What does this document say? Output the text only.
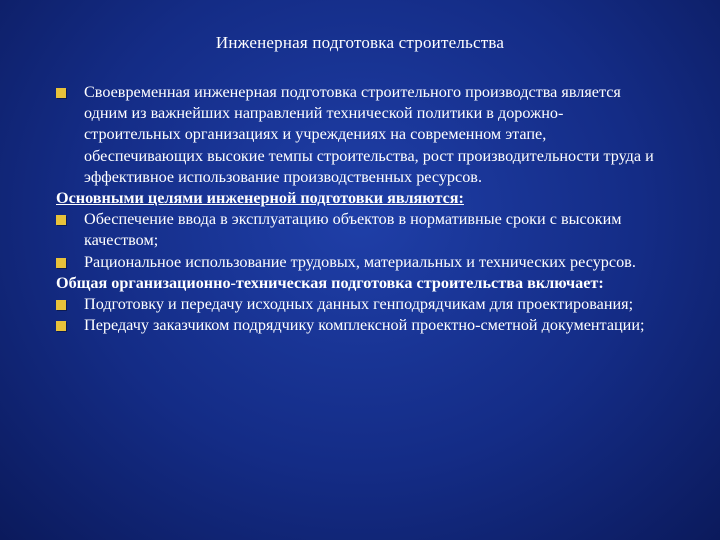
Инженерная подготовка строительства

Своевременная инженерная подготовка строительного производства является одним из важнейших направлений технической политики в дорожно-строительных организациях и учреждениях на современном этапе, обеспечивающих высокие темпы строительства, рост производительности труда и эффективное использование производственных ресурсов.

Основными целями инженерной подготовки являются:

Обеспечение ввода в эксплуатацию объектов в нормативные сроки с высоким качеством;

Рациональное использование трудовых, материальных и технических ресурсов.

Общая организационно-техническая подготовка строительства включает:

Подготовку и передачу исходных данных генподрядчикам для проектирования;

Передачу заказчиком подрядчику комплексной проектно-сметной документации;
